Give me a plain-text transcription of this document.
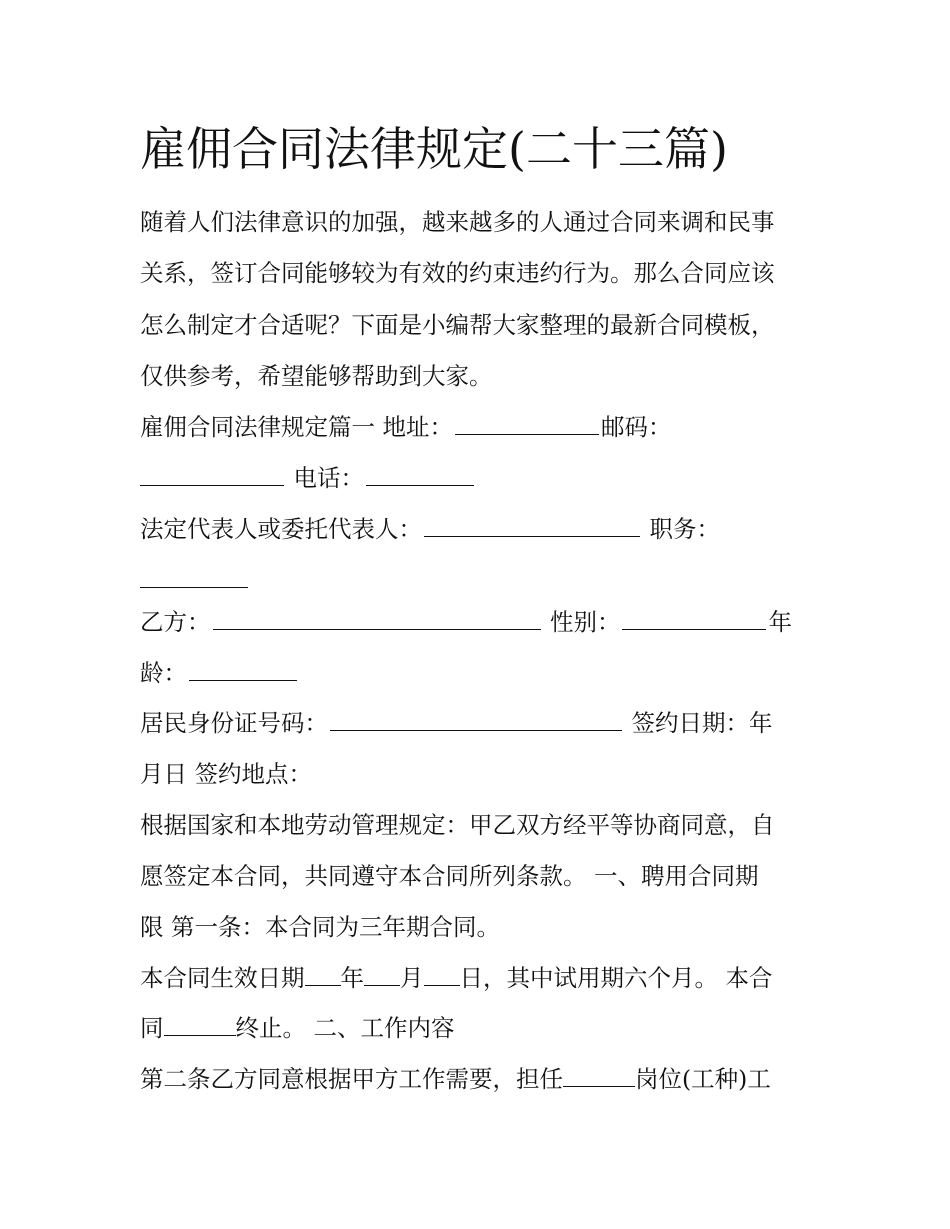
雇佣合同法律规定(二十三篇)

随着人们法律意识的加强，越来越多的人通过合同来调和民事

关系，签订合同能够较为有效的约束违约行为。那么合同应该

怎么制定才合适呢？下面是小编帮大家整理的最新合同模板，

仅供参考，希望能够帮助到大家。

雇佣合同法律规定篇一 地址：	邮码：

电话：

法定代表人或委托代表人：	职务：

乙方：	性别：	年

龄：

居民身份证号码：	签约日期：年

月日 签约地点：

根据国家和本地劳动管理规定：甲乙双方经平等协商同意，自

愿签定本合同，共同遵守本合同所列条款。 一、聘用合同期

限 第一条：本合同为三年期合同。

本合同生效日期 年 月 日，其中试用期六个月。 本合

同	终止。 二、工作内容

第二条乙方同意根据甲方工作需要，担任	岗位(工种)工
